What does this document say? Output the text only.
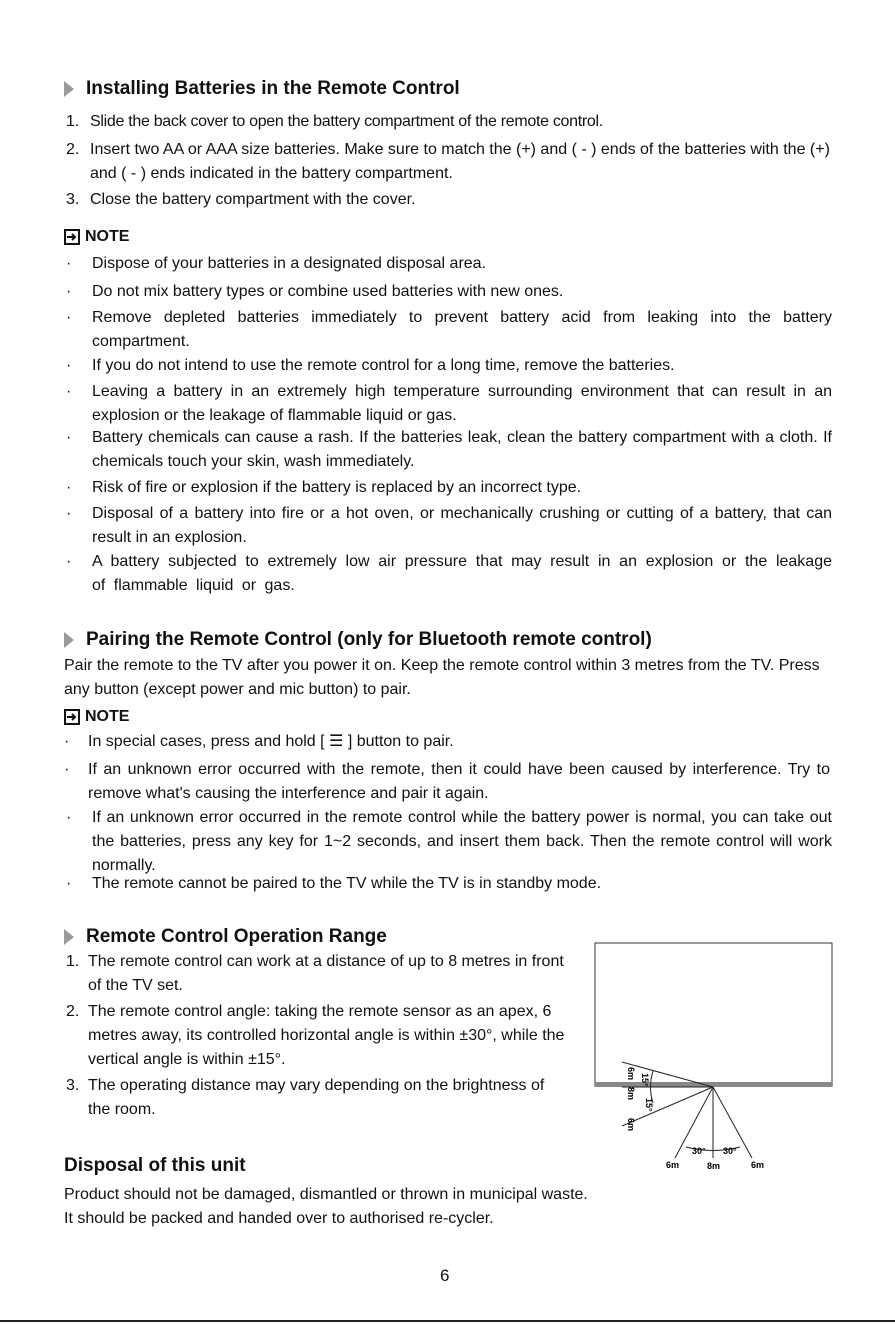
Installing Batteries in the Remote Control
1. Slide the back cover to open the battery compartment of the remote control.
2. Insert two AA or AAA size batteries. Make sure to match the (+) and ( - ) ends of the batteries with the (+) and ( - ) ends indicated in the battery compartment.
3. Close the battery compartment with the cover.
NOTE
· Dispose of your batteries in a designated disposal area.
· Do not mix battery types or combine used batteries with new ones.
· Remove depleted batteries immediately to prevent battery acid from leaking into the battery compartment.
· If you do not intend to use the remote control for a long time, remove the batteries.
· Leaving a battery in an extremely high temperature surrounding environment that can result in an explosion or the leakage of flammable liquid or gas.
· Battery chemicals can cause a rash. If the batteries leak, clean the battery compartment with a cloth. If chemicals touch your skin, wash immediately.
· Risk of fire or explosion if the battery is replaced by an incorrect type.
· Disposal of a battery into fire or a hot oven, or mechanically crushing or cutting of a battery, that can result in an explosion.
· A battery subjected to extremely low air pressure that may result in an explosion or the leakage of flammable liquid or gas.
Pairing the Remote Control (only for Bluetooth remote control)
Pair the remote to the TV after you power it on. Keep the remote control within 3 metres from the TV. Press any button (except power and mic button) to pair.
NOTE
· In special cases, press and hold [ ☰ ] button to pair.
· If an unknown error occurred with the remote, then it could have been caused by interference. Try to remove what's causing the interference and pair it again.
· If an unknown error occurred in the remote control while the battery power is normal, you can take out the batteries, press any key for 1~2 seconds, and insert them back. Then the remote control will work normally.
· The remote cannot be paired to the TV while the TV is in standby mode.
Remote Control Operation Range
1. The remote control can work at a distance of up to 8 metres in front of the TV set.
2. The remote control angle: taking the remote sensor as an apex, 6 metres away, its controlled horizontal angle is within ±30°, while the vertical angle is within ±15°.
3. The operating distance may vary depending on the brightness of the room.
6m
8m
6m
15°
15°
30° 30°
6m	8m	6m
Disposal of this unit
Product should not be damaged, dismantled or thrown in municipal waste.
It should be packed and handed over to authorised re-cycler.
6
